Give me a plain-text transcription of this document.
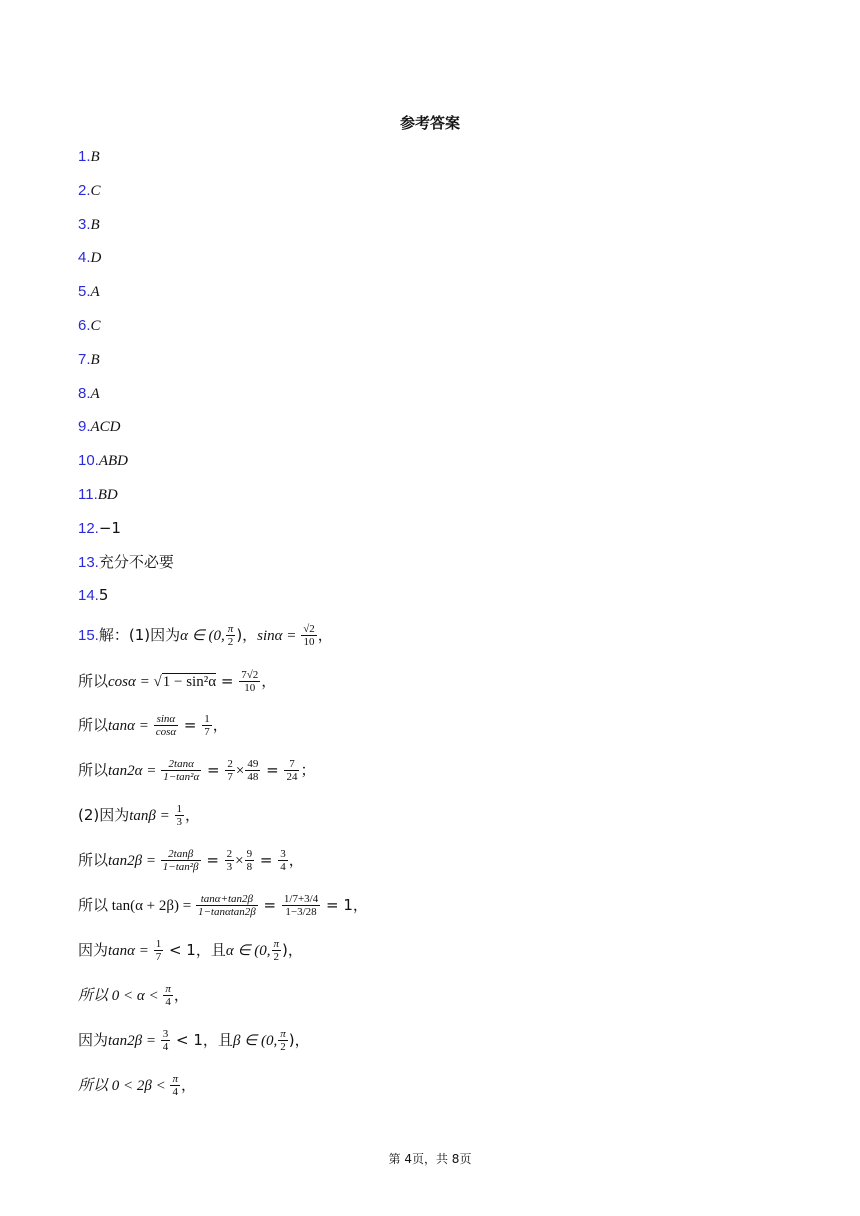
参考答案
1.B
2.C
3.B
4.D
5.A
6.C
7.B
8.A
9.ACD
10.ABD
11.BD
12.−1
13.充分不必要
14.5
15.解：(1)因为α ∈ (0, $\frac{\pi}{2}$ )，$\sin\alpha = \frac{√2}{10}$ ，
所以$\cos\alpha = √1 - \sin^2\alpha = \frac{7√2}{10}$ ，
所以$\tan\alpha = \frac{\sin\alpha}{\cos\alpha} = \frac{1}{7}$ ，
所以$\tan 2\alpha = \frac{2\tan\alpha}{\text{1−tan²α}} = \frac{2}{7} \times \frac{49}{48} = \frac{7}{24}$ ；
(2)因为$\tan\beta = \frac{1}{3}$ ，
所以$\tan 2\beta = \frac{2\tan\beta}{\text{1−tan²β}} = \frac{2}{3} \times \frac{9}{8} = \frac{3}{4}$ ，
所以 $\tan(\alpha + 2\beta) = \frac{\tan\alpha+\tan 2\beta}{1-\tan\alpha\tan 2\beta} = \frac{1/7+3/4}{1-3/28} = 1$，
因为$\tan\alpha = \frac{1}{7} < 1$，且α ∈ (0, $\frac{\pi}{2}$ )，
所以 $0 < \alpha < \frac{\pi}{4}$ ，
因为$\tan 2\beta = \frac{3}{4} < 1$，且β ∈ (0, $\frac{\pi}{2}$ )，
所以 $0 < 2\beta < \frac{\pi}{4}$ ，
第 4页，共 8页
